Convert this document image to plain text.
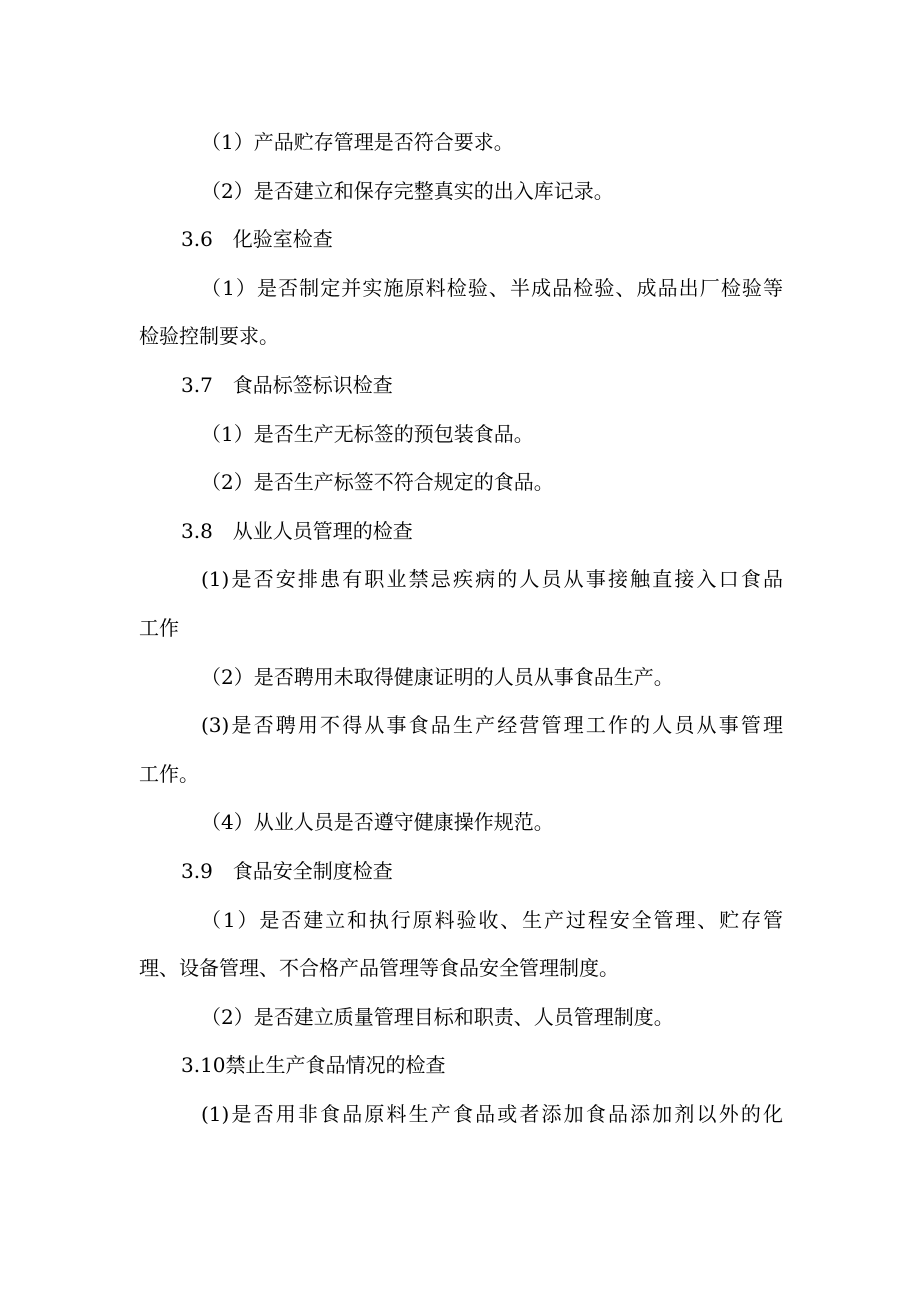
（1）产品贮存管理是否符合要求。
（2）是否建立和保存完整真实的出入库记录。
3.6　化验室检查
（1）是否制定并实施原料检验、半成品检验、成品出厂检验等
检验控制要求。
3.7　食品标签标识检查
（1）是否生产无标签的预包装食品。
（2）是否生产标签不符合规定的食品。
3.8　从业人员管理的检查
(1)是否安排患有职业禁忌疾病的人员从事接触直接入口食品
工作
（2）是否聘用未取得健康证明的人员从事食品生产。
(3)是否聘用不得从事食品生产经营管理工作的人员从事管理
工作。
（4）从业人员是否遵守健康操作规范。
3.9　食品安全制度检查
（1）是否建立和执行原料验收、生产过程安全管理、贮存管
理、设备管理、不合格产品管理等食品安全管理制度。
（2）是否建立质量管理目标和职责、人员管理制度。
3.10禁止生产食品情况的检查
(1)是否用非食品原料生产食品或者添加食品添加剂以外的化
